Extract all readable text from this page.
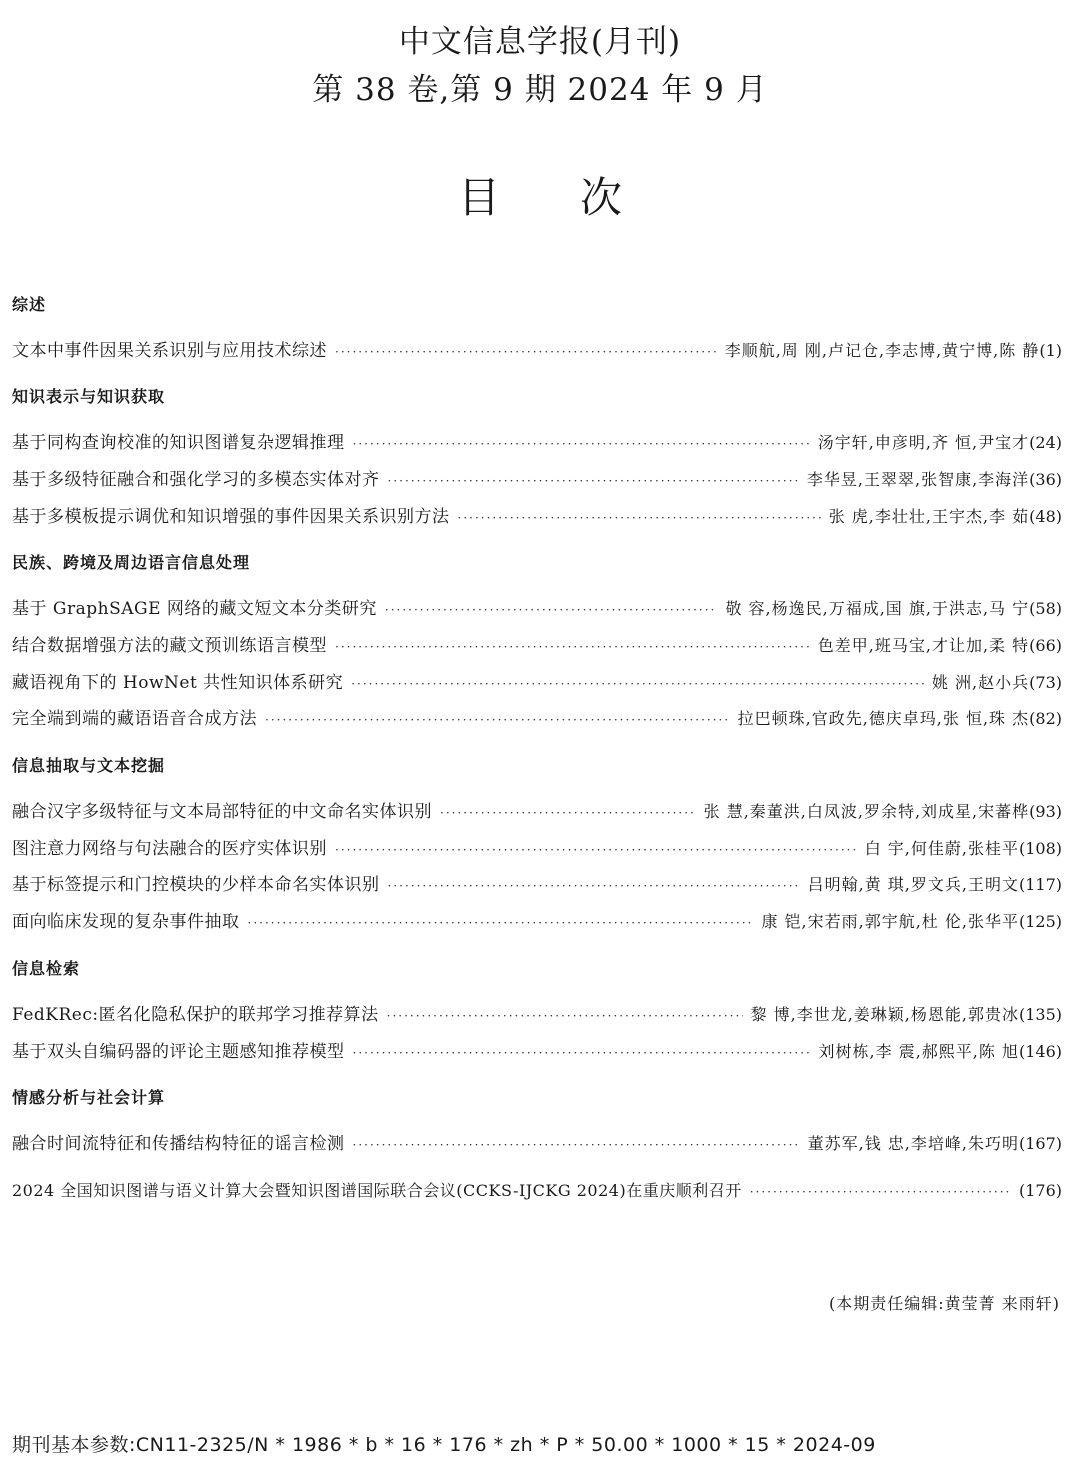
中文信息学报(月刊)
第 38 卷,第 9 期 2024 年 9 月
目次
综述
文本中事件因果关系识别与应用技术综述 ·····	李顺航,周 刚,卢记仓,李志博,黄宁博,陈 静 (1)
知识表示与知识获取
基于同构查询校准的知识图谱复杂逻辑推理 ·····	汤宇轩,申彦明,齐 恒,尹宝才 (24)
基于多级特征融合和强化学习的多模态实体对齐 ·····	李华昱,王翠翠,张智康,李海洋 (36)
基于多模板提示调优和知识增强的事件因果关系识别方法 ·····	张 虎,李壮壮,王宇杰,李 茹 (48)
民族、跨境及周边语言信息处理
基于 GraphSAGE 网络的藏文短文本分类研究 ·····	敬 容,杨逸民,万福成,国 旗,于洪志,马 宁 (58)
结合数据增强方法的藏文预训练语言模型 ·····	色差甲,班马宝,才让加,柔 特 (66)
藏语视角下的 HowNet 共性知识体系研究 ·····	姚 洲,赵小兵 (73)
完全端到端的藏语语音合成方法 ·····	拉巴顿珠,官政先,德庆卓玛,张 恒,珠 杰 (82)
信息抽取与文本挖掘
融合汉字多级特征与文本局部特征的中文命名实体识别 ·····	张 慧,秦董洪,白凤波,罗余特,刘成星,宋蕃桦 (93)
图注意力网络与句法融合的医疗实体识别 ·····	白 宇,何佳蔚,张桂平 (108)
基于标签提示和门控模块的少样本命名实体识别 ·····	吕明翰,黄 琪,罗文兵,王明文 (117)
面向临床发现的复杂事件抽取 ·····	康 铠,宋若雨,郭宇航,杜 伦,张华平 (125)
信息检索
FedKRec:匿名化隐私保护的联邦学习推荐算法 ·····	黎 博,李世龙,姜琳颖,杨恩能,郭贵冰 (135)
基于双头自编码器的评论主题感知推荐模型 ·····	刘树栋,李 震,郝熙平,陈 旭 (146)
情感分析与社会计算
融合时间流特征和传播结构特征的谣言检测 ·····	董苏军,钱 忠,李培峰,朱巧明 (167)
2024 全国知识图谱与语义计算大会暨知识图谱国际联合会议(CCKS-IJCKG 2024)在重庆顺利召开 ·····	(176)
(本期责任编辑:黄莹菁 来雨轩)
期刊基本参数:CN11-2325/N * 1986 * b * 16 * 176 * zh * P * 50.00 * 1000 * 15 * 2024-09
